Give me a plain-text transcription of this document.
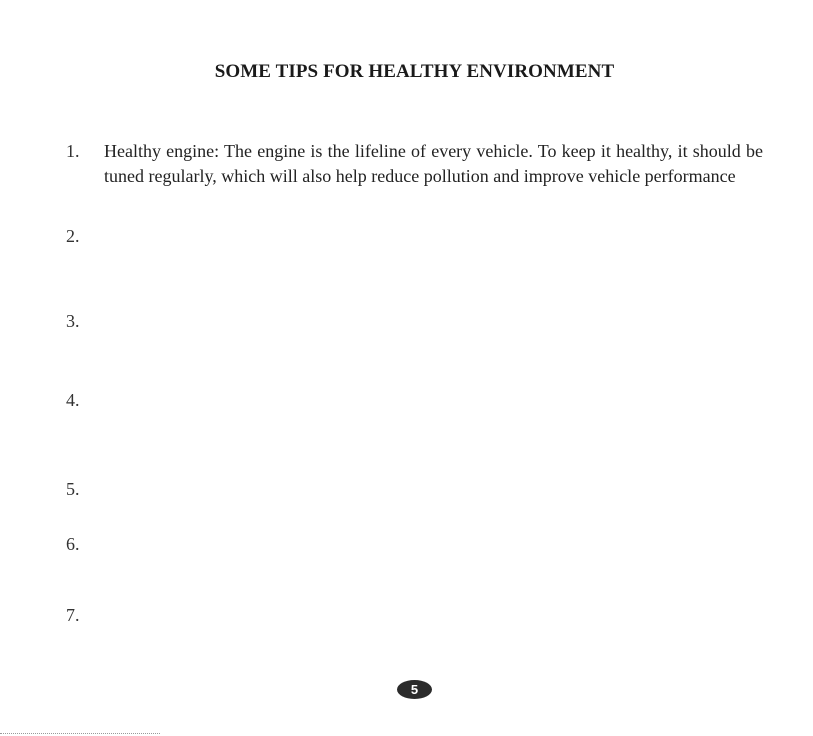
SOME TIPS FOR HEALTHY ENVIRONMENT
1. Healthy engine: The engine is the lifeline of every vehicle. To keep it healthy, it should be tuned regularly, which will also help reduce pollution and improve vehicle performance
2.
3.
4.
5.
6.
7.
5
